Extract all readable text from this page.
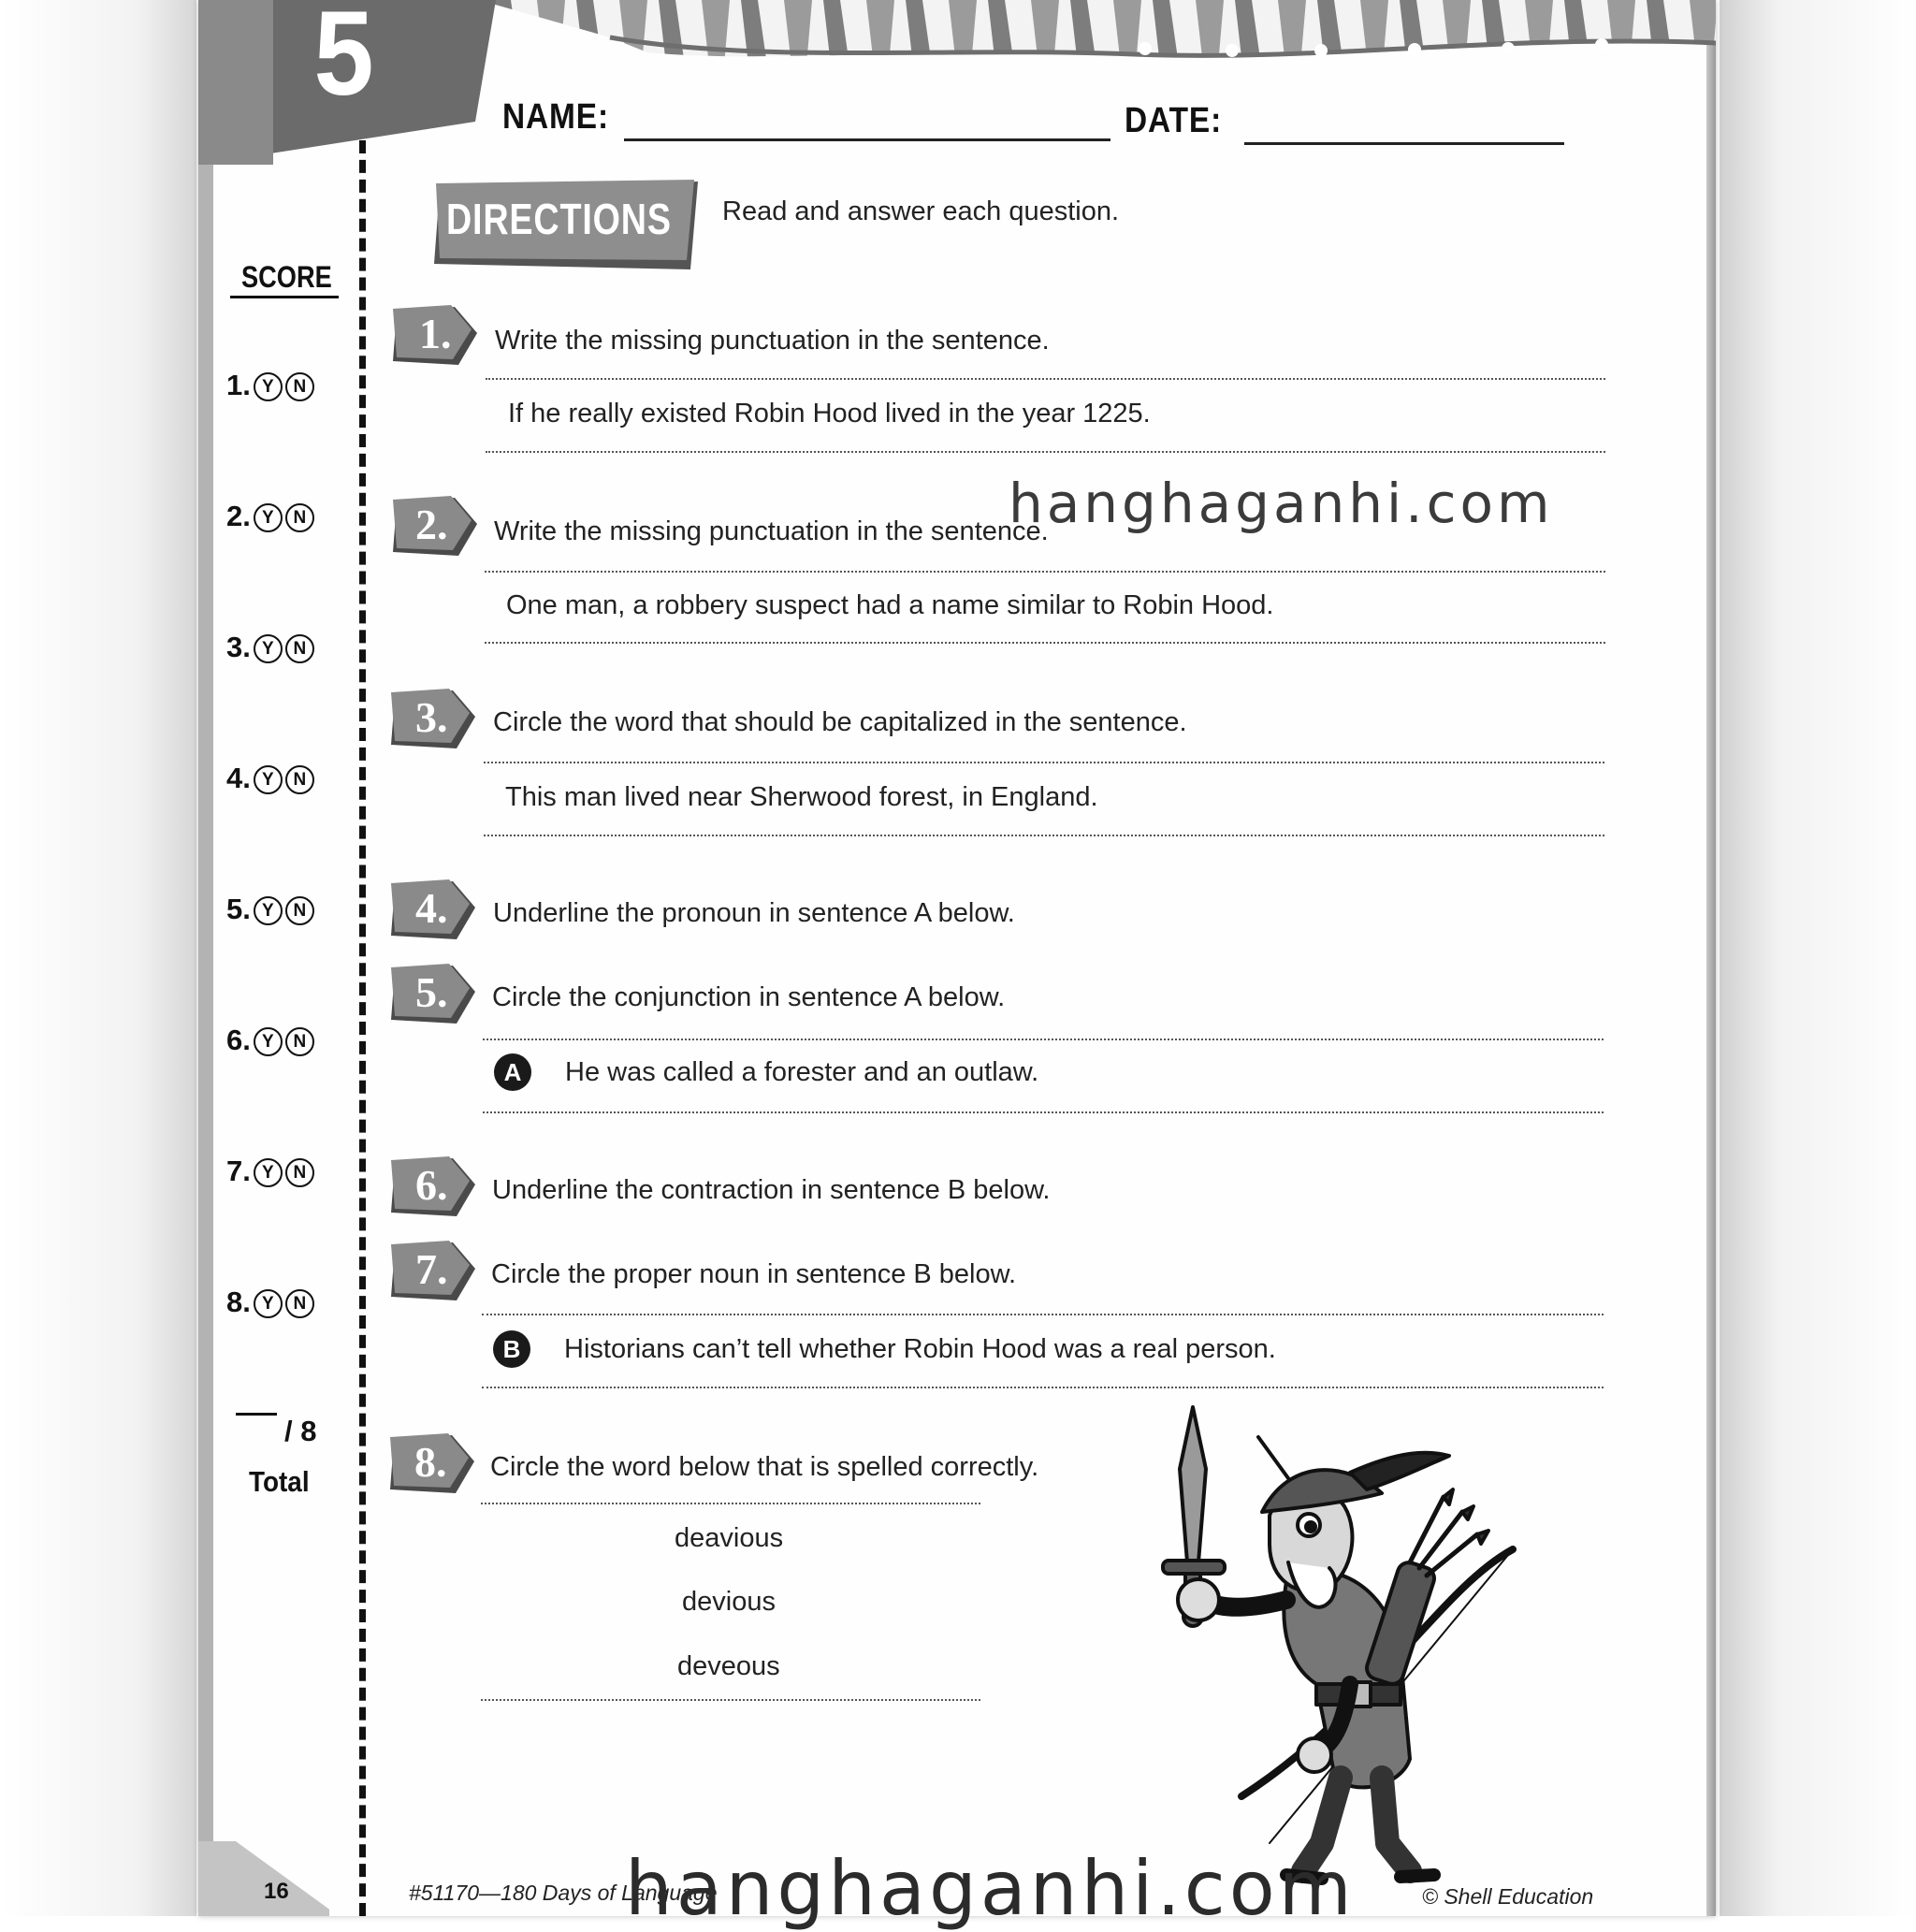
5	NAME:	DATE:
DIRECTIONS Read and answer each question.
SCORE
1. Y N
2. Y N
3. Y N
4. Y N
5. Y N
6. Y N
7. Y N
8. Y N
/ 8
Total
1. Write the missing punctuation in the sentence.
If he really existed Robin Hood lived in the year 1225.
2. Write the missing punctuation in the sentence.
One man, a robbery suspect had a name similar to Robin Hood.
3. Circle the word that should be capitalized in the sentence.
This man lived near Sherwood forest, in England.
4. Underline the pronoun in sentence A below.
5. Circle the conjunction in sentence A below.
A	He was called a forester and an outlaw.
6. Underline the contraction in sentence B below.
7. Circle the proper noun in sentence B below.
B	Historians can’t tell whether Robin Hood was a real person.
8. Circle the word below that is spelled correctly.
deavious
devious
deveous
16	#51170—180 Days of Language	© Shell Education
hanghaganhi.com
hanghaganhi.com
